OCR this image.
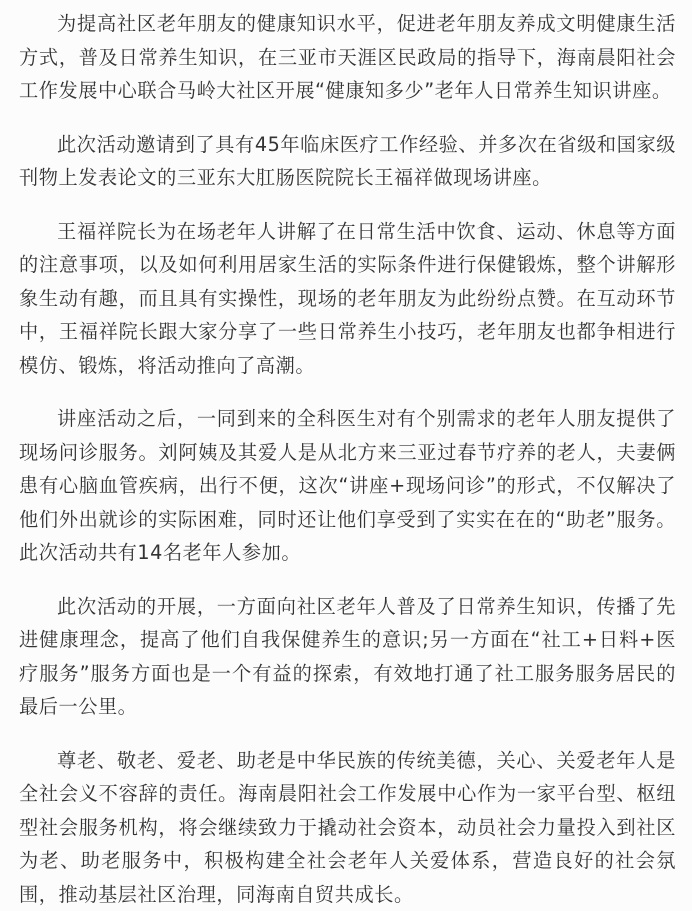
为提高社区老年朋友的健康知识水平，促进老年朋友养成文明健康生活方式，普及日常养生知识，在三亚市天涯区民政局的指导下，海南晨阳社会工作发展中心联合马岭大社区开展“健康知多少”老年人日常养生知识讲座。

此次活动邀请到了具有45年临床医疗工作经验、并多次在省级和国家级刊物上发表论文的三亚东大肛肠医院院长王福祥做现场讲座。

王福祥院长为在场老年人讲解了在日常生活中饮食、运动、休息等方面的注意事项，以及如何利用居家生活的实际条件进行保健锻炼，整个讲解形象生动有趣，而且具有实操性，现场的老年朋友为此纷纷点赞。在互动环节中，王福祥院长跟大家分享了一些日常养生小技巧，老年朋友也都争相进行模仿、锻炼，将活动推向了高潮。

讲座活动之后，一同到来的全科医生对有个别需求的老年人朋友提供了现场问诊服务。刘阿姨及其爱人是从北方来三亚过春节疗养的老人，夫妻俩患有心脑血管疾病，出行不便，这次“讲座+现场问诊”的形式，不仅解决了他们外出就诊的实际困难，同时还让他们享受到了实实在在的“助老”服务。此次活动共有14名老年人参加。

此次活动的开展，一方面向社区老年人普及了日常养生知识，传播了先进健康理念，提高了他们自我保健养生的意识;另一方面在“社工+日料+医疗服务”服务方面也是一个有益的探索，有效地打通了社工服务服务居民的最后一公里。

尊老、敬老、爱老、助老是中华民族的传统美德，关心、关爱老年人是全社会义不容辞的责任。海南晨阳社会工作发展中心作为一家平台型、枢纽型社会服务机构，将会继续致力于撬动社会资本，动员社会力量投入到社区为老、助老服务中，积极构建全社会老年人关爱体系，营造良好的社会氛围，推动基层社区治理，同海南自贸共成长。
